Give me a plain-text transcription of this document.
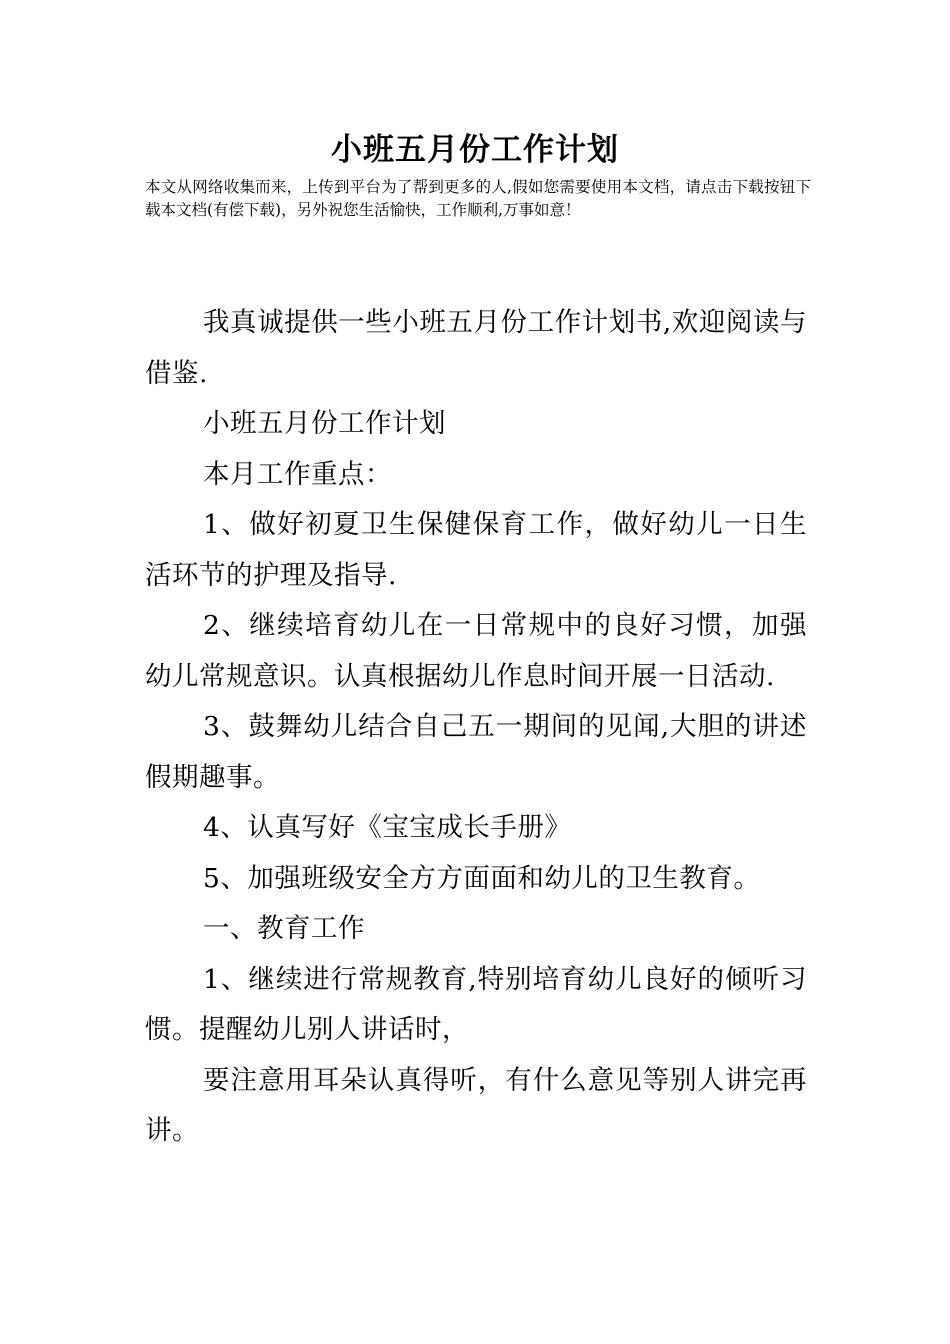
小班五月份工作计划

本文从网络收集而来，上传到平台为了帮到更多的人,假如您需要使用本文档，请点击下载按钮下载本文档(有偿下载)，另外祝您生活愉快，工作顺利,万事如意！

我真诚提供一些小班五月份工作计划书,欢迎阅读与借鉴.

小班五月份工作计划

本月工作重点：

1、做好初夏卫生保健保育工作，做好幼儿一日生活环节的护理及指导.

2、继续培育幼儿在一日常规中的良好习惯，加强幼儿常规意识。认真根据幼儿作息时间开展一日活动.

3、鼓舞幼儿结合自己五一期间的见闻,大胆的讲述假期趣事。

4、认真写好《宝宝成长手册》

5、加强班级安全方方面面和幼儿的卫生教育。

一、教育工作

1、继续进行常规教育,特别培育幼儿良好的倾听习惯。提醒幼儿别人讲话时，

要注意用耳朵认真得听，有什么意见等别人讲完再讲。
